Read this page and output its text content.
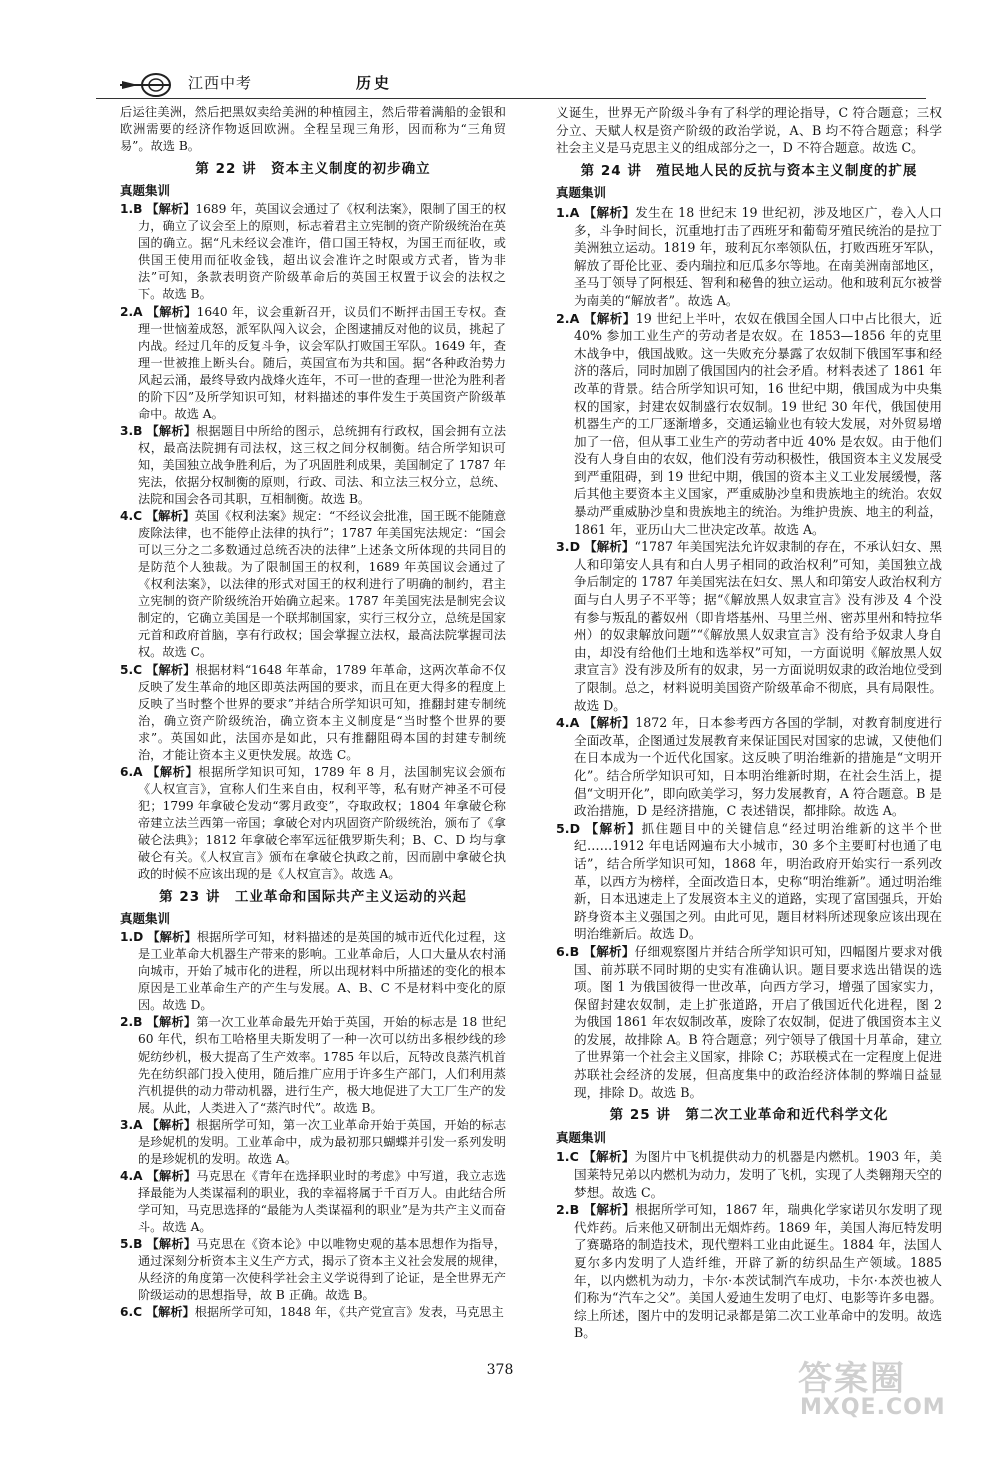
江西中考	历史

后运往美洲，然后把黑奴卖给美洲的种植园主，然后带着满船的金银和欧洲需要的经济作物返回欧洲。全程呈现三角形，因而称为“三角贸易”。故选 B。

第 22 讲　资本主义制度的初步确立

真题集训

1.B 【解析】1689 年，英国议会通过了《权利法案》，限制了国王的权力，确立了议会至上的原则，标志着君主立宪制的资产阶级统治在英国的确立。据“凡未经议会准许，借口国王特权，为国王而征收，或供国王使用而征收金钱，超出议会准许之时限或方式者，皆为非法”可知，条款表明资产阶级革命后的英国王权置于议会的法权之下。故选 B。

2.A 【解析】1640 年，议会重新召开，议员们不断抨击国王专权。查理一世恼羞成怒，派军队闯入议会，企图逮捕反对他的议员，挑起了内战。经过几年的反复斗争，议会军队打败国王军队。1649 年，查理一世被推上断头台。随后，英国宣布为共和国。据“各种政治势力风起云涌，最终导致内战烽火连年，不可一世的查理一世沦为胜利者的阶下囚”及所学知识可知，材料描述的事件发生于英国资产阶级革命中。故选 A。

3.B 【解析】根据题目中所给的图示，总统拥有行政权，国会拥有立法权，最高法院拥有司法权，这三权之间分权制衡。结合所学知识可知，美国独立战争胜利后，为了巩固胜利成果，美国制定了 1787 年宪法，依据分权制衡的原则，行政、司法、和立法三权分立，总统、法院和国会各司其职，互相制衡。故选 B。

4.C 【解析】英国《权利法案》规定：“不经议会批准，国王既不能随意废除法律，也不能停止法律的执行”；1787 年美国宪法规定：“国会可以三分之二多数通过总统否决的法律”上述条文所体现的共同目的是防范个人独裁。为了限制国王的权利，1689 年英国议会通过了《权利法案》，以法律的形式对国王的权利进行了明确的制约，君主立宪制的资产阶级统治开始确立起来。1787 年美国宪法是制宪会议制定的，它确立美国是一个联邦制国家，实行三权分立，总统是国家元首和政府首脑，享有行政权；国会掌握立法权，最高法院掌握司法权。故选 C。

5.C 【解析】根据材料“1648 年革命，1789 年革命，这两次革命不仅反映了发生革命的地区即英法两国的要求，而且在更大得多的程度上反映了当时整个世界的要求”并结合所学知识可知，推翻封建专制统治，确立资产阶级统治，确立资本主义制度是“当时整个世界的要求”。英国如此，法国亦是如此，只有推翻阻碍本国的封建专制统治，才能让资本主义更快发展。故选 C。

6.A 【解析】根据所学知识可知，1789 年 8 月，法国制宪议会颁布《人权宣言》，宣称人们生来自由，权利平等，私有财产神圣不可侵犯；1799 年拿破仑发动“雾月政变”，夺取政权；1804 年拿破仑称帝建立法兰西第一帝国；拿破仑对内巩固资产阶级统治，颁布了《拿破仑法典》；1812 年拿破仑率军远征俄罗斯失利；B、C、D 均与拿破仑有关。《人权宣言》颁布在拿破仑执政之前，因而剧中拿破仑执政的时候不应该出现的是《人权宣言》。故选 A。

第 23 讲　工业革命和国际共产主义运动的兴起

真题集训

1.D 【解析】根据所学可知，材料描述的是英国的城市近代化过程，这是工业革命大机器生产带来的影响。工业革命后，人口大量从农村涌向城市，开始了城市化的进程，所以出现材料中所描述的变化的根本原因是工业革命生产的产生与发展。A、B、C 不是材料中变化的原因。故选 D。

2.B 【解析】第一次工业革命最先开始于英国，开始的标志是 18 世纪 60 年代，织布工哈格里夫斯发明了一种一次可以纺出多根纱线的珍妮纺纱机，极大提高了生产效率。1785 年以后，瓦特改良蒸汽机首先在纺织部门投入使用，随后推广应用于许多生产部门，人们利用蒸汽机提供的动力带动机器，进行生产，极大地促进了大工厂生产的发展。从此，人类进入了“蒸汽时代”。故选 B。

3.A 【解析】根据所学可知，第一次工业革命开始于英国，开始的标志是珍妮机的发明。工业革命中，成为最初那只蝴蝶并引发一系列发明的是珍妮机的发明。故选 A。

4.A 【解析】马克思在《青年在选择职业时的考虑》中写道，我立志选择最能为人类谋福利的职业，我的幸福将属于千百万人。由此结合所学可知，马克思选择的“最能为人类谋福利的职业”是为共产主义而奋斗。故选 A。

5.B 【解析】马克思在《资本论》中以唯物史观的基本思想作为指导，通过深刻分析资本主义生产方式，揭示了资本主义社会发展的规律，从经济的角度第一次使科学社会主义学说得到了论证，是全世界无产阶级运动的思想指导，故 B 正确。故选 B。

6.C 【解析】根据所学可知，1848 年，《共产党宣言》发表，马克思主

义诞生，世界无产阶级斗争有了科学的理论指导，C 符合题意；三权分立、天赋人权是资产阶级的政治学说，A、B 均不符合题意；科学社会主义是马克思主义的组成部分之一，D 不符合题意。故选 C。

第 24 讲　殖民地人民的反抗与资本主义制度的扩展

真题集训

1.A 【解析】发生在 18 世纪末 19 世纪初，涉及地区广，卷入人口多，斗争时间长，沉重地打击了西班牙和葡萄牙殖民统治的是拉丁美洲独立运动。1819 年，玻利瓦尔率领队伍，打败西班牙军队，解放了哥伦比亚、委内瑞拉和厄瓜多尔等地。在南美洲南部地区，圣马丁领导了阿根廷、智利和秘鲁的独立运动。他和玻利瓦尔被誉为南美的“解放者”。故选 A。

2.A 【解析】19 世纪上半叶，农奴在俄国全国人口中占比很大，近 40% 参加工业生产的劳动者是农奴。在 1853—1856 年的克里木战争中，俄国战败。这一失败充分暴露了农奴制下俄国军事和经济的落后，同时加剧了俄国国内的社会矛盾。材料表述了 1861 年改革的背景。结合所学知识可知，16 世纪中期，俄国成为中央集权的国家，封建农奴制盛行农奴制。19 世纪 30 年代，俄国使用机器生产的工厂逐渐增多，交通运输业也有较大发展，对外贸易增加了一倍，但从事工业生产的劳动者中近 40% 是农奴。由于他们没有人身自由的农奴，他们没有劳动积极性，俄国资本主义发展受到严重阻碍，到 19 世纪中期，俄国的资本主义工业发展缓慢，落后其他主要资本主义国家，严重威胁沙皇和贵族地主的统治。农奴暴动严重威胁沙皇和贵族地主的统治。为维护贵族、地主的利益，1861 年，亚历山大二世决定改革。故选 A。

3.D 【解析】“1787 年美国宪法允许奴隶制的存在，不承认妇女、黑人和印第安人具有和白人男子相同的政治权利”可知，美国独立战争后制定的 1787 年美国宪法在妇女、黑人和印第安人政治权利方面与白人男子不平等；据“《解放黑人奴隶宣言》没有涉及 4 个没有参与叛乱的蓄奴州（即肯塔基州、马里兰州、密苏里州和特拉华州）的奴隶解放问题”“《解放黑人奴隶宣言》没有给予奴隶人身自由，却没有给他们土地和选举权”可知，一方面说明《解放黑人奴隶宣言》没有涉及所有的奴隶，另一方面说明奴隶的政治地位受到了限制。总之，材料说明美国资产阶级革命不彻底，具有局限性。故选 D。

4.A 【解析】1872 年，日本参考西方各国的学制，对教育制度进行全面改革，企图通过发展教育来保证国民对国家的忠诚，又使他们在日本成为一个近代化国家。这反映了明治维新的措施是“文明开化”。结合所学知识可知，日本明治维新时期，在社会生活上，提倡“文明开化”，即向欧美学习，努力发展教育，A 符合题意。B 是政治措施，D 是经济措施，C 表述错误，都排除。故选 A。

5.D 【解析】抓住题目中的关键信息“经过明治维新的这半个世纪……1912 年电话网遍布大小城市，30 多个主要町村也通了电话”，结合所学知识可知，1868 年，明治政府开始实行一系列改革，以西方为榜样，全面改造日本，史称“明治维新”。通过明治维新，日本迅速走上了发展资本主义的道路，实现了富国强兵，开始跻身资本主义强国之列。由此可见，题目材料所述现象应该出现在明治维新后。故选 D。

6.B 【解析】仔细观察图片并结合所学知识可知，四幅图片要求对俄国、前苏联不同时期的史实有准确认识。题目要求选出错误的选项。图 1 为俄国彼得一世改革，向西方学习，增强了国家实力，保留封建农奴制，走上扩张道路，开启了俄国近代化进程，图 2 为俄国 1861 年农奴制改革，废除了农奴制，促进了俄国资本主义的发展，故排除 A。B 符合题意；列宁领导了俄国十月革命，建立了世界第一个社会主义国家，排除 C；苏联模式在一定程度上促进苏联社会经济的发展，但高度集中的政治经济体制的弊端日益显现，排除 D。故选 B。

第 25 讲　第二次工业革命和近代科学文化

真题集训

1.C 【解析】为图片中飞机提供动力的机器是内燃机。1903 年，美国莱特兄弟以内燃机为动力，发明了飞机，实现了人类翱翔天空的梦想。故选 C。

2.B 【解析】根据所学可知，1867 年，瑞典化学家诺贝尔发明了现代炸药。后来他又研制出无烟炸药。1869 年，美国人海厄特发明了赛璐珞的制造技术，现代塑料工业由此诞生。1884 年，法国人夏尔多内发明了人造纤维，开辟了新的纺织品生产领域。1885 年，以内燃机为动力，卡尔·本茨试制汽车成功，卡尔·本茨也被人们称为“汽车之父”。美国人爱迪生发明了电灯、电影等许多电器。综上所述，图片中的发明记录都是第二次工业革命中的发明。故选 B。

378	答案圈
MXQE.COM
